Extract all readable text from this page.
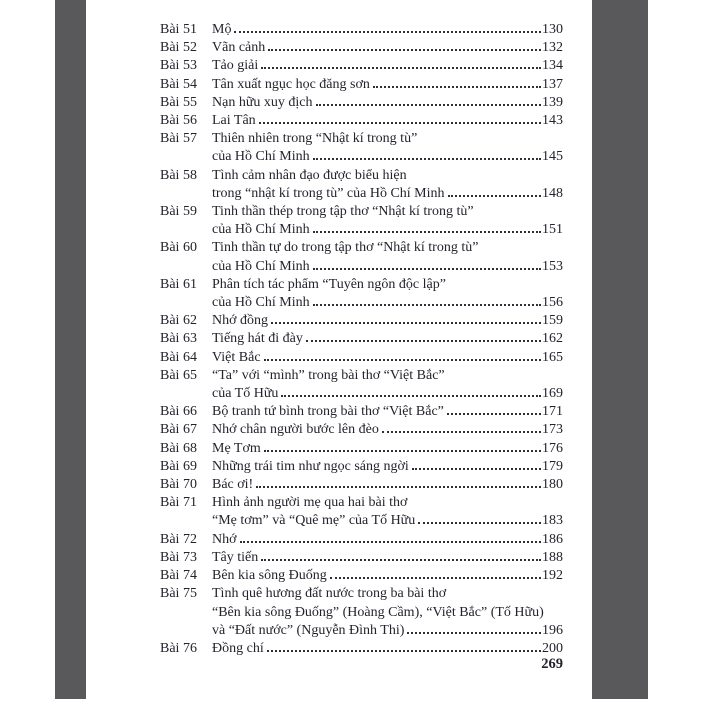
Bài 51	Mộ	130
Bài 52	Vãn cảnh	132
Bài 53	Tảo giải	134
Bài 54	Tân xuất ngục học đăng sơn	137
Bài 55	Nạn hữu xuy địch	139
Bài 56	Lai Tân	143
Bài 57	Thiên nhiên trong “Nhật kí trong tù”
của Hồ Chí Minh	145
Bài 58	Tình cảm nhân đạo được biểu hiện
trong “nhật kí trong tù” của Hồ Chí Minh	148
Bài 59	Tinh thần thép trong tập thơ “Nhật kí trong tù”
của Hồ Chí Minh	151
Bài 60	Tinh thần tự do trong tập thơ “Nhật kí trong tù”
của Hồ Chí Minh	153
Bài 61	Phân tích tác phẩm “Tuyên ngôn độc lập”
của Hồ Chí Minh	156
Bài 62	Nhớ đồng	159
Bài 63	Tiếng hát đi đày	162
Bài 64	Việt Bắc	165
Bài 65	“Ta” với “mình” trong bài thơ “Việt Bắc”
của Tố Hữu	169
Bài 66	Bộ tranh tứ bình trong bài thơ “Việt Bắc”	171
Bài 67	Nhớ chân người bước lên đèo	173
Bài 68	Mẹ Tơm	176
Bài 69	Những trái tim như ngọc sáng ngời	179
Bài 70	Bác ơi!	180
Bài 71	Hình ảnh người mẹ qua hai bài thơ
“Mẹ tơm” và “Quê mẹ” của Tố Hữu	183
Bài 72	Nhớ	186
Bài 73	Tây tiến	188
Bài 74	Bên kia sông Đuống	192
Bài 75	Tình quê hương đất nước trong ba bài thơ
“Bên kia sông Đuống” (Hoàng Cầm), “Việt Bắc” (Tố Hữu)
và “Đất nước” (Nguyễn Đình Thi)	196
Bài 76	Đồng chí	200
269
